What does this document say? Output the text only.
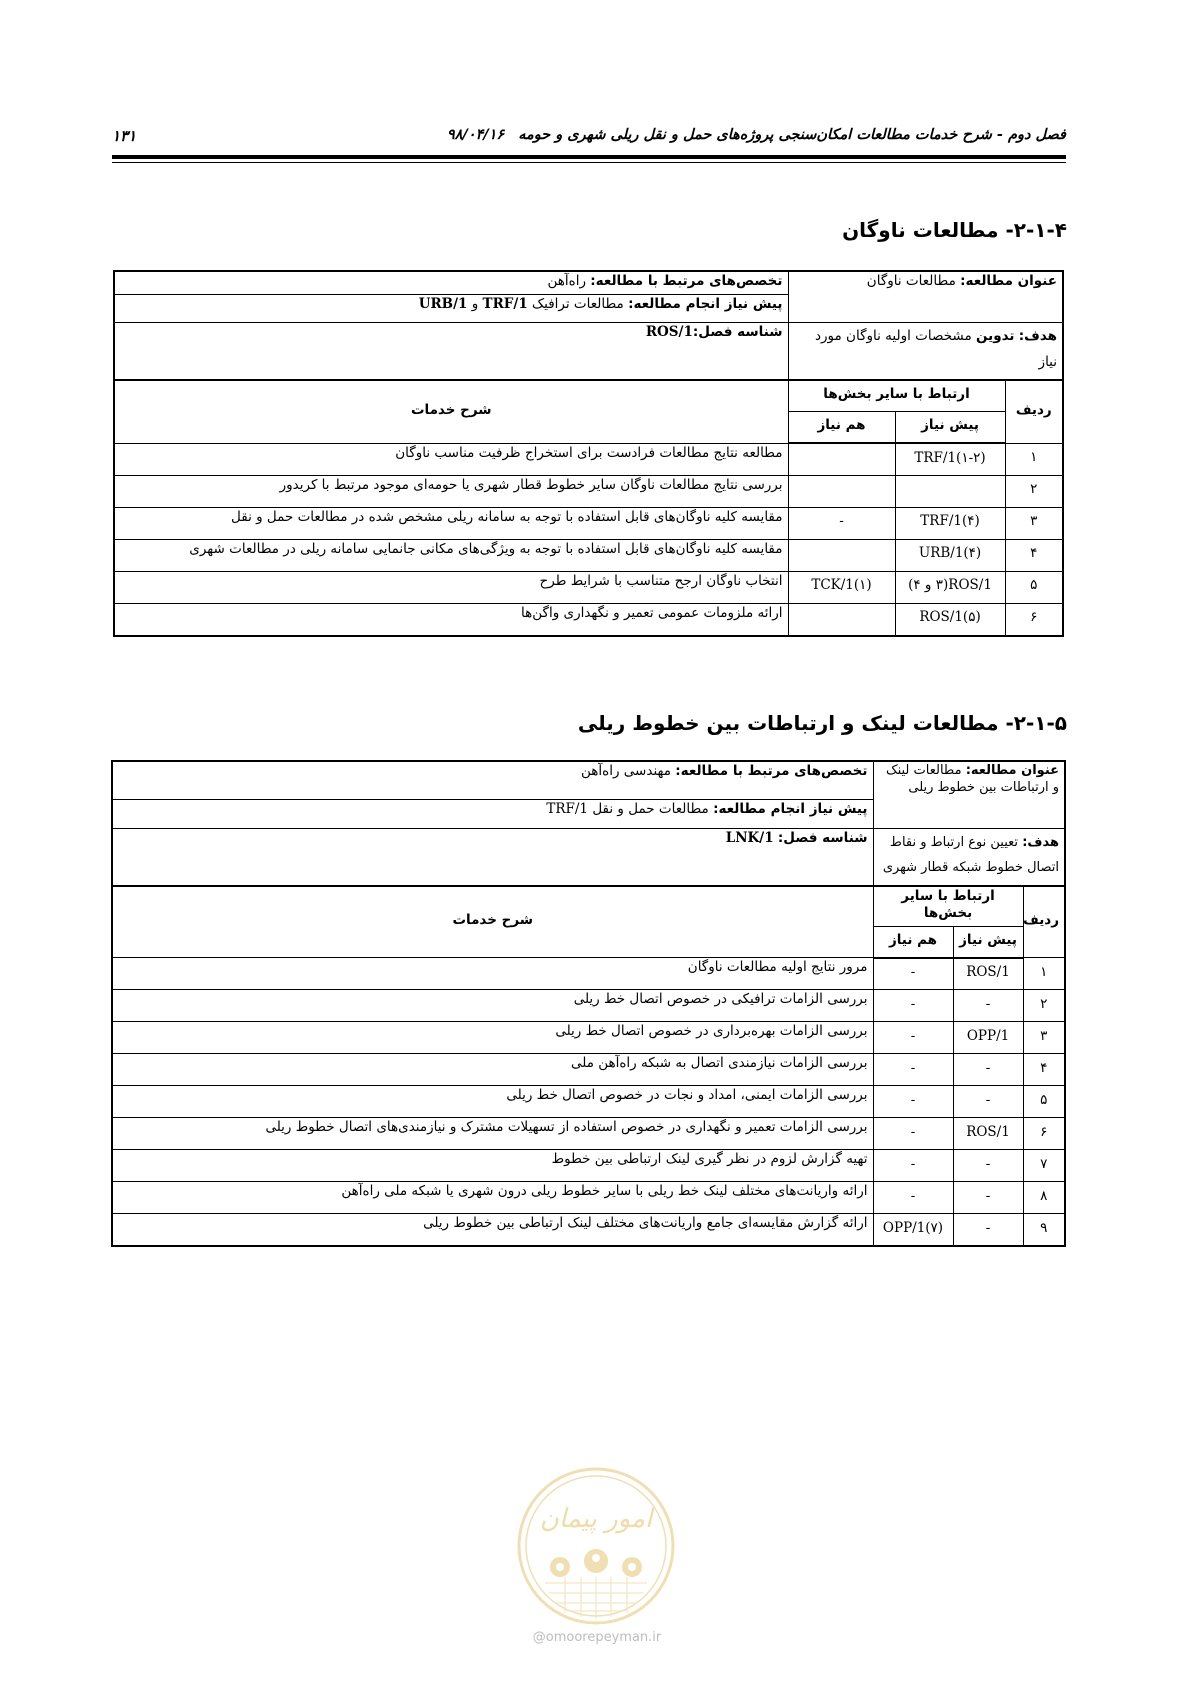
فصل دوم - شرح خدمات مطالعات امکان‌سنجی پروژه‌های حمل و نقل ریلی شهری و حومه۹۸/۰۴/۱۶
۱۳۱
۲-۱-۴- مطالعات ناوگان
عنوان مطالعه: مطالعات ناوگان			تخصص‌های مرتبط با مطالعه: راه‌آهن
			پیش نیاز انجام مطالعه: مطالعات ترافیک TRF/1 و URB/1
هدف: تدوین مشخصات اولیه ناوگان مورد نیاز			شناسه فصل:ROS/1
ردیف	ارتباط با سایر بخش‌ها		شرح خدمات
	پیش نیاز	هم نیاز	
۱	TRF/1(۱-۲)		مطالعه نتایج مطالعات فرادست برای استخراج ظرفیت مناسب ناوگان
۲			بررسی نتایج مطالعات ناوگان سایر خطوط قطار شهری یا حومه‌ای موجود مرتبط با کریدور
۳	TRF/1(۴)	-	مقایسه کلیه ناوگان‌های قابل استفاده با توجه به سامانه ریلی مشخص شده در مطالعات حمل و نقل
۴	URB/1(۴)		مقایسه کلیه ناوگان‌های قابل استفاده با توجه به ویژگی‌های مکانی جانمایی سامانه ریلی در مطالعات شهری
۵	ROS/1(۳ و ۴)	TCK/1(۱)	انتخاب ناوگان ارجح متناسب با شرایط طرح
۶	ROS/1(۵)		ارائه ملزومات عمومی تعمیر و نگهداری واگن‌ها
۲-۱-۵- مطالعات لینک و ارتباطات بین خطوط ریلی
عنوان مطالعه: مطالعات لینک و ارتباطات بین خطوط ریلی			تخصص‌های مرتبط با مطالعه: مهندسی راه‌آهن
			پیش نیاز انجام مطالعه: مطالعات حمل و نقل TRF/1
هدف: تعیین نوع ارتباط و نقاط اتصال خطوط شبکه قطار شهری			شناسه فصل: LNK/1
ردیف	ارتباط با سایر بخش‌ها		شرح خدمات
	پیش نیاز	هم نیاز	
۱	ROS/1	-	مرور نتایج اولیه مطالعات ناوگان
۲	-	-	بررسی الزامات ترافیکی در خصوص اتصال خط ریلی
۳	OPP/1	-	بررسی الزامات بهره‌برداری در خصوص اتصال خط ریلی
۴	-	-	بررسی الزامات نیازمندی اتصال به شبکه راه‌آهن ملی
۵	-	-	بررسی الزامات ایمنی، امداد و نجات در خصوص اتصال خط ریلی
۶	ROS/1	-	بررسی الزامات تعمیر و نگهداری در خصوص استفاده از تسهیلات مشترک و نیازمندی‌های اتصال خطوط ریلی
۷	-	-	تهیه گزارش لزوم در نظر گیری لینک ارتباطی بین خطوط
۸	-	-	ارائه واریانت‌های مختلف لینک خط ریلی با سایر خطوط ریلی درون شهری یا شبکه ملی راه‌آهن
۹	-	OPP/1(۷)	ارائه گزارش مقایسه‌ای جامع واریانت‌های مختلف لینک ارتباطی بین خطوط ریلی
امور پیمان
@omoorepeyman.ir
